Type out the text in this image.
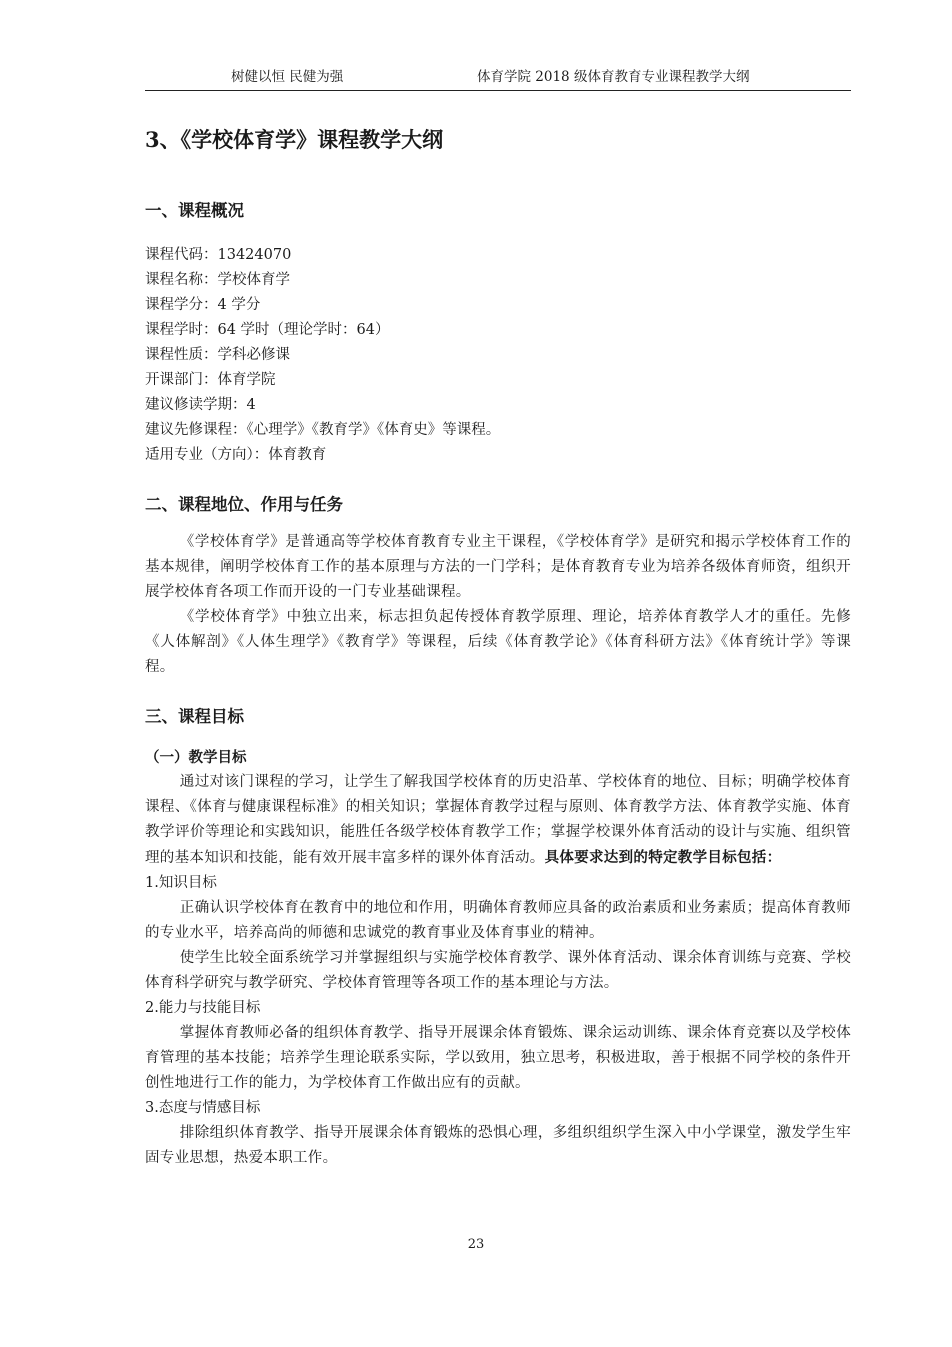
树健以恒 民健为强	体育学院 2018 级体育教育专业课程教学大纲
3、《学校体育学》课程教学大纲
一、课程概况

课程代码：13424070

课程名称：学校体育学

课程学分：4 学分

课程学时：64 学时（理论学时：64）

课程性质：学科必修课

开课部门：体育学院

建议修读学期：4

建议先修课程：《心理学》《教育学》《体育史》等课程。

适用专业（方向）：体育教育

二、课程地位、作用与任务

《学校体育学》是普通高等学校体育教育专业主干课程，《学校体育学》是研究和揭示学校体育工作的基本规律，阐明学校体育工作的基本原理与方法的一门学科；是体育教育专业为培养各级体育师资，组织开展学校体育各项工作而开设的一门专业基础课程。

《学校体育学》中独立出来，标志担负起传授体育教学原理、理论，培养体育教学人才的重任。先修《人体解剖》《人体生理学》《教育学》等课程，后续《体育教学论》《体育科研方法》《体育统计学》等课程。

三、课程目标
（一）教学目标

通过对该门课程的学习，让学生了解我国学校体育的历史沿革、学校体育的地位、目标；明确学校体育课程、《体育与健康课程标准》的相关知识；掌握体育教学过程与原则、体育教学方法、体育教学实施、体育教学评价等理论和实践知识，能胜任各级学校体育教学工作；掌握学校课外体育活动的设计与实施、组织管理的基本知识和技能，能有效开展丰富多样的课外体育活动。具体要求达到的特定教学目标包括：

1.知识目标

正确认识学校体育在教育中的地位和作用，明确体育教师应具备的政治素质和业务素质；提高体育教师的专业水平，培养高尚的师德和忠诚党的教育事业及体育事业的精神。

使学生比较全面系统学习并掌握组织与实施学校体育教学、课外体育活动、课余体育训练与竞赛、学校体育科学研究与教学研究、学校体育管理等各项工作的基本理论与方法。

2.能力与技能目标

掌握体育教师必备的组织体育教学、指导开展课余体育锻炼、课余运动训练、课余体育竞赛以及学校体育管理的基本技能；培养学生理论联系实际，学以致用，独立思考，积极进取，善于根据不同学校的条件开创性地进行工作的能力，为学校体育工作做出应有的贡献。

3.态度与情感目标

排除组织体育教学、指导开展课余体育锻炼的恐惧心理，多组织组织学生深入中小学课堂，激发学生牢固专业思想，热爱本职工作。

23
